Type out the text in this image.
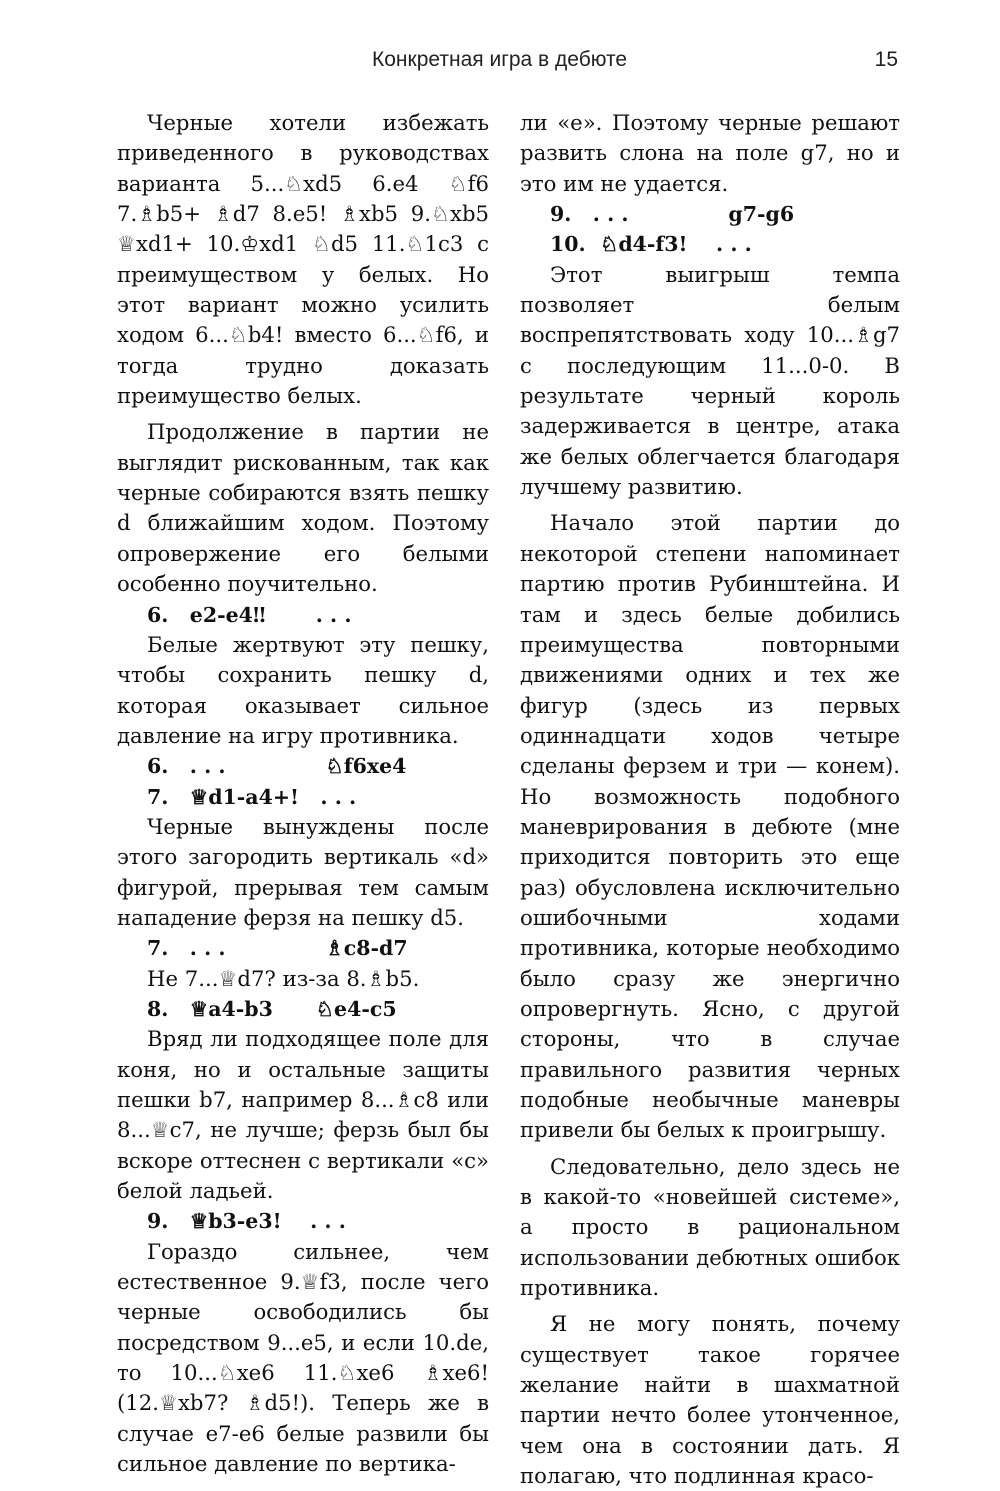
Конкретная игра в дебюте	15

Черные хотели избежать приведенного в руководствах варианта 5...♘xd5 6.e4 ♘f6 7.♗b5+ ♗d7 8.e5! ♗xb5 9.♘xb5 ♕xd1+ 10.♔xd1 ♘d5 11.♘1c3 с преимуществом у белых. Но этот вариант можно усилить ходом 6...♘b4! вместо 6...♘f6, и тогда трудно доказать преимущество белых.

Продолжение в партии не выглядит рискованным, так как черные собираются взять пешку d ближайшим ходом. Поэтому опровержение его белыми особенно поучительно.

6.   e2-e4‼       . . .

Белые жертвуют эту пешку, чтобы сохранить пешку d, которая оказывает сильное давление на игру противника.

6.   . . .              ♘f6xe4
7.   ♕d1-a4+!   . . .

Черные вынуждены после этого загородить вертикаль «d» фигурой, прерывая тем самым нападение ферзя на пешку d5.

7.   . . .              ♗c8-d7

Не 7...♕d7? из-за 8.♗b5.

8.   ♕a4-b3      ♘e4-c5

Вряд ли подходящее поле для коня, но и остальные защиты пешки b7, например 8...♗c8 или 8...♕c7, не лучше; ферзь был бы вскоре оттеснен с вертикали «с» белой ладьей.

9.   ♕b3-e3!    . . .

Гораздо сильнее, чем естественное 9.♕f3, после чего черные освободились бы посредством 9...e5, и если 10.de, то 10...♘xe6 11.♘xe6 ♗xe6! (12.♕xb7? ♗d5!). Теперь же в случае e7-e6 белые развили бы сильное давление по вертика-

ли «е». Поэтому черные решают развить слона на поле g7, но и это им не удается.

9.   . . .              g7-g6
10.  ♘d4-f3!    . . .

Этот выигрыш темпа позволяет белым воспрепятствовать ходу 10...♗g7 с последующим 11...0-0. В результате черный король задерживается в центре, атака же белых облегчается благодаря лучшему развитию.

Начало этой партии до некоторой степени напоминает партию против Рубинштейна. И там и здесь белые добились преимущества повторными движениями одних и тех же фигур (здесь из первых одиннадцати ходов четыре сделаны ферзем и три — конем). Но возможность подобного маневрирования в дебюте (мне приходится повторить это еще раз) обусловлена исключительно ошибочными ходами противника, которые необходимо было сразу же энергично опровергнуть. Ясно, с другой стороны, что в случае правильного развития черных подобные необычные маневры привели бы белых к проигрышу.

Следовательно, дело здесь не в какой-то «новейшей системе», а просто в рациональном использовании дебютных ошибок противника.

Я не могу понять, почему существует такое горячее желание найти в шахматной партии нечто более утонченное, чем она в состоянии дать. Я полагаю, что подлинная красо-
